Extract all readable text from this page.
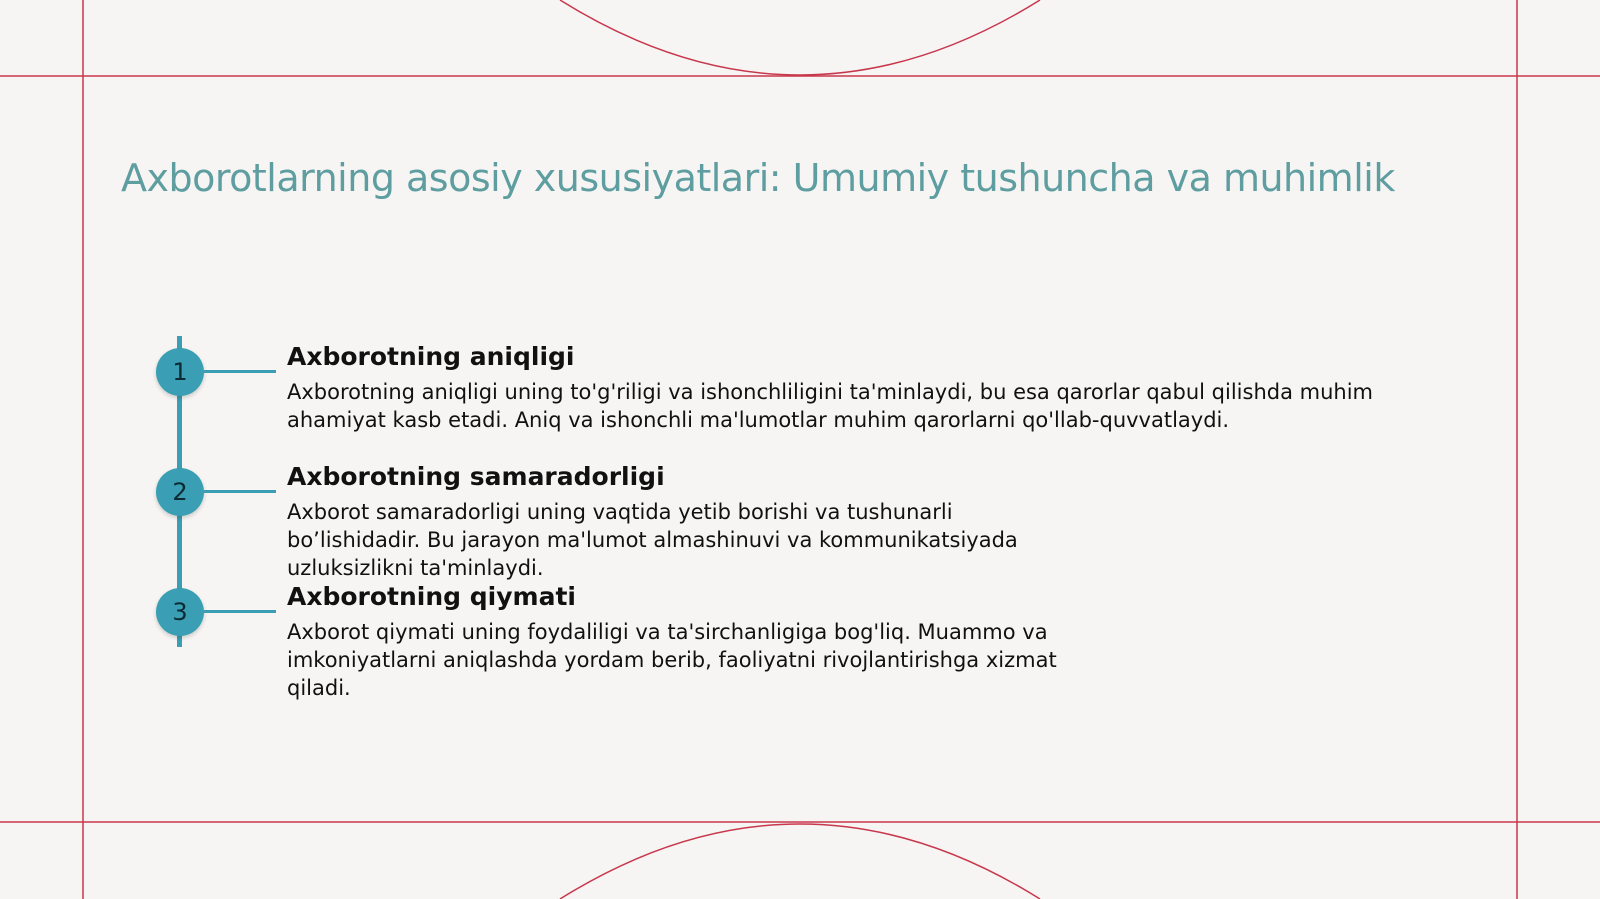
Axborotlarning asosiy xususiyatlari: Umumiy tushuncha va muhimlik
1
Axborotning aniqligi
Axborotning aniqligi uning to'g'riligi va ishonchliligini ta'minlaydi, bu esa qarorlar qabul qilishda muhim ahamiyat kasb etadi. Aniq va ishonchli ma'lumotlar muhim qarorlarni qo'llab-quvvatlaydi.
2
Axborotning samaradorligi
Axborot samaradorligi uning vaqtida yetib borishi va tushunarli bo’lishidadir. Bu jarayon ma'lumot almashinuvi va kommunikatsiyada uzluksizlikni ta'minlaydi.
3
Axborotning qiymati
Axborot qiymati uning foydaliligi va ta'sirchanligiga bog'liq. Muammo va imkoniyatlarni aniqlashda yordam berib, faoliyatni rivojlantirishga xizmat qiladi.
